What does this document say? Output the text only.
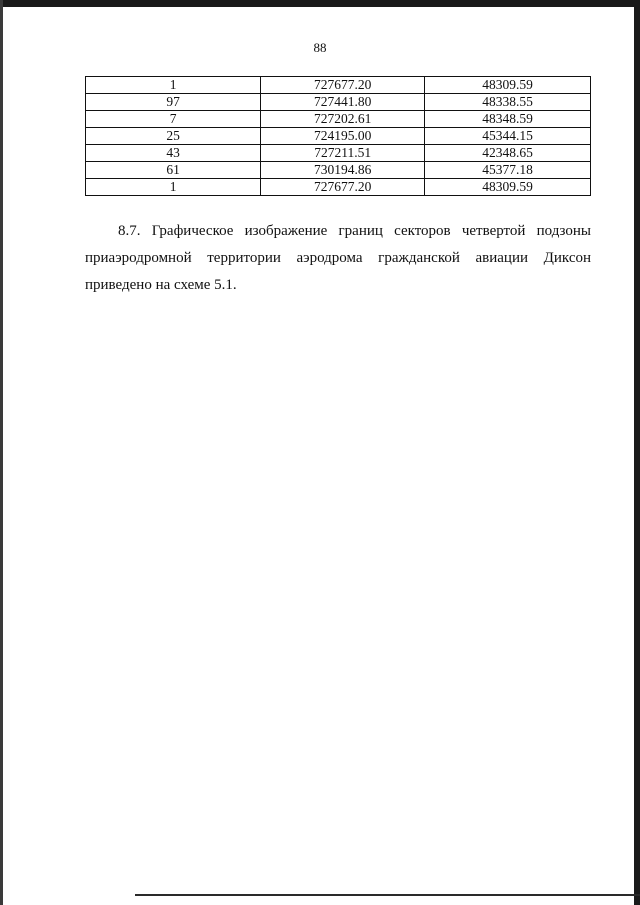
88
1	727677.20	48309.59
97	727441.80	48338.55
7	727202.61	48348.59
25	724195.00	45344.15
43	727211.51	42348.65
61	730194.86	45377.18
1	727677.20	48309.59
8.7. Графическое изображение границ секторов четвертой подзоны приаэродромной территории аэродрома гражданской авиации Диксон приведено на схеме 5.1.
